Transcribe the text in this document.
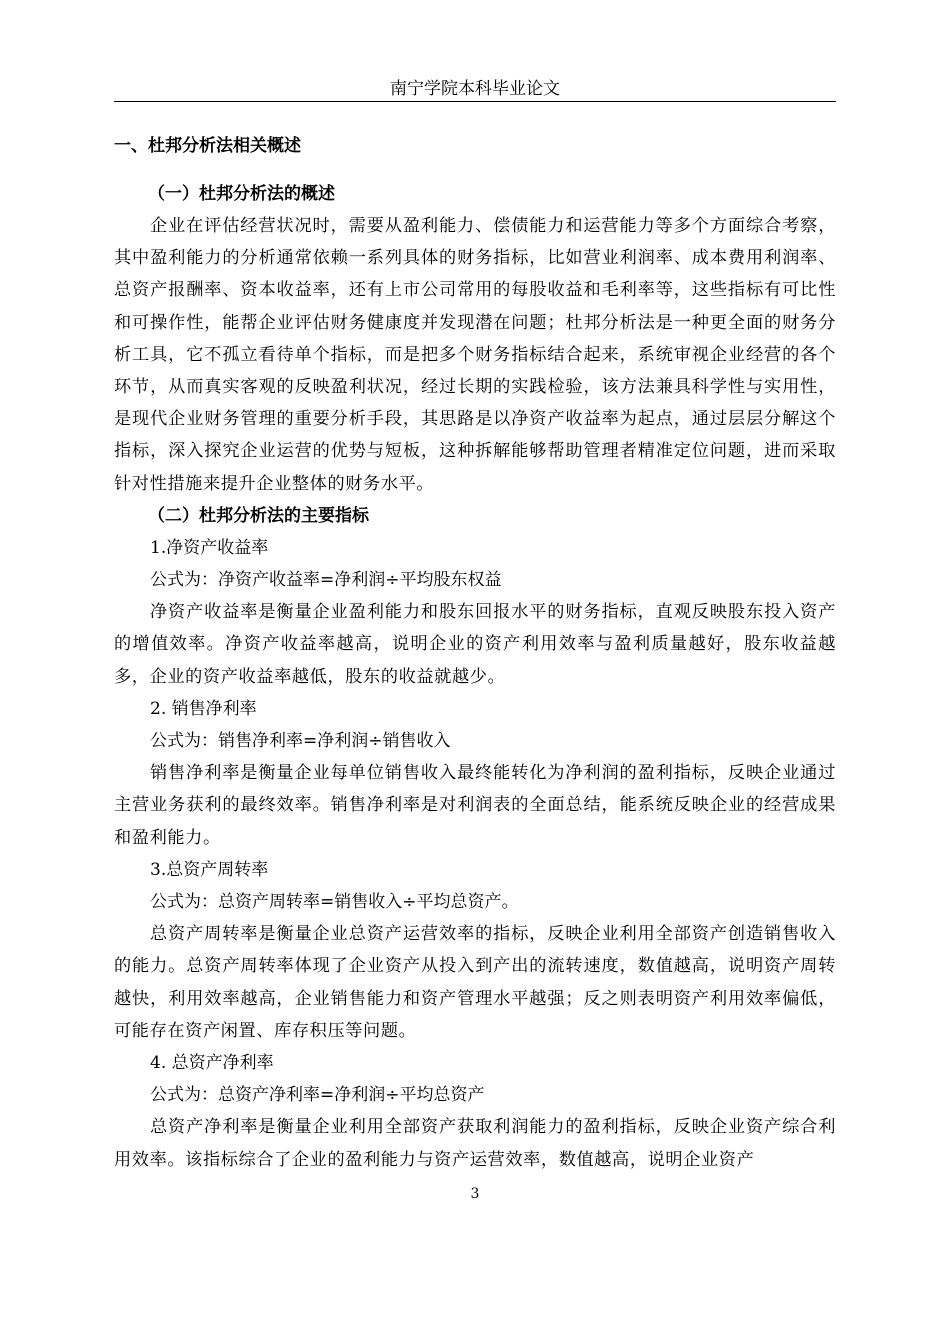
南宁学院本科毕业论文
一、杜邦分析法相关概述
（一）杜邦分析法的概述

企业在评估经营状况时，需要从盈利能力、偿债能力和运营能力等多个方面综合考察，其中盈利能力的分析通常依赖一系列具体的财务指标，比如营业利润率、成本费用利润率、总资产报酬率、资本收益率，还有上市公司常用的每股收益和毛利率等，这些指标有可比性和可操作性，能帮企业评估财务健康度并发现潜在问题；杜邦分析法是一种更全面的财务分析工具，它不孤立看待单个指标，而是把多个财务指标结合起来，系统审视企业经营的各个环节，从而真实客观的反映盈利状况，经过长期的实践检验，该方法兼具科学性与实用性，是现代企业财务管理的重要分析手段，其思路是以净资产收益率为起点，通过层层分解这个指标，深入探究企业运营的优势与短板，这种拆解能够帮助管理者精准定位问题，进而采取针对性措施来提升企业整体的财务水平。

（二）杜邦分析法的主要指标

1.净资产收益率

公式为：净资产收益率=净利润÷平均股东权益

净资产收益率是衡量企业盈利能力和股东回报水平的财务指标，直观反映股东投入资产的增值效率。净资产收益率越高，说明企业的资产利用效率与盈利质量越好，股东收益越多，企业的资产收益率越低，股东的收益就越少。

2. 销售净利率

公式为：销售净利率=净利润÷销售收入

销售净利率是衡量企业每单位销售收入最终能转化为净利润的盈利指标，反映企业通过主营业务获利的最终效率。销售净利率是对利润表的全面总结，能系统反映企业的经营成果和盈利能力。

3.总资产周转率

公式为：总资产周转率=销售收入÷平均总资产。

总资产周转率是衡量企业总资产运营效率的指标，反映企业利用全部资产创造销售收入的能力。总资产周转率体现了企业资产从投入到产出的流转速度，数值越高，说明资产周转越快，利用效率越高，企业销售能力和资产管理水平越强；反之则表明资产利用效率偏低，可能存在资产闲置、库存积压等问题。

4. 总资产净利率

公式为：总资产净利率=净利润÷平均总资产

总资产净利率是衡量企业利用全部资产获取利润能力的盈利指标，反映企业资产综合利用效率。该指标综合了企业的盈利能力与资产运营效率，数值越高，说明企业资产

3
